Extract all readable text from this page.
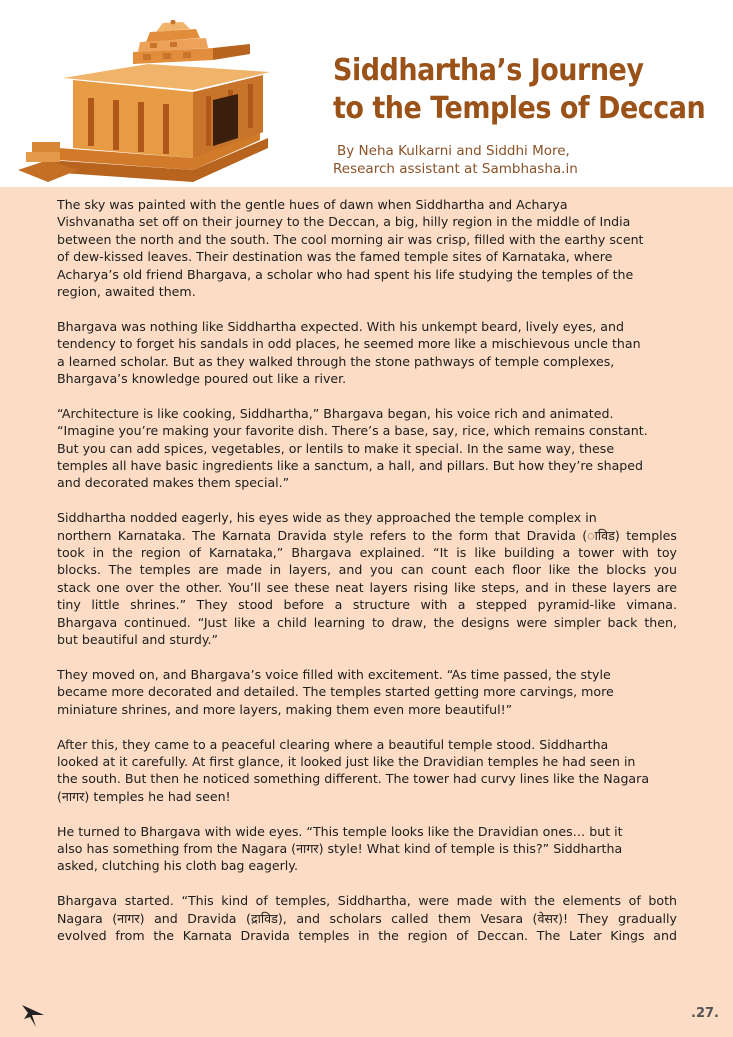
Siddhartha’s Journey
to the Temples of Deccan
By Neha Kulkarni and Siddhi More,
Research assistant at Sambhasha.in
The sky was painted with the gentle hues of dawn when Siddhartha and Acharya
Vishvanatha set off on their journey to the Deccan, a big, hilly region in the middle of India
between the north and the south. The cool morning air was crisp, filled with the earthy scent
of dew-kissed leaves. Their destination was the famed temple sites of Karnataka, where
Acharya’s old friend Bhargava, a scholar who had spent his life studying the temples of the
region, awaited them.
Bhargava was nothing like Siddhartha expected. With his unkempt beard, lively eyes, and
tendency to forget his sandals in odd places, he seemed more like a mischievous uncle than
a learned scholar. But as they walked through the stone pathways of temple complexes,
Bhargava’s knowledge poured out like a river.
“Architecture is like cooking, Siddhartha,” Bhargava began, his voice rich and animated.
“Imagine you’re making your favorite dish. There’s a base, say, rice, which remains constant.
But you can add spices, vegetables, or lentils to make it special. In the same way, these
temples all have basic ingredients like a sanctum, a hall, and pillars. But how they’re shaped
and decorated makes them special.”
Siddhartha nodded eagerly, his eyes wide as they approached the temple complex in
northern Karnataka. The Karnata Dravida style refers to the form that Dravida (ाविड) temples
took in the region of Karnataka,” Bhargava explained. “It is like building a tower with toy
blocks. The temples are made in layers, and you can count each floor like the blocks you
stack one over the other. You’ll see these neat layers rising like steps, and in these layers are
tiny little shrines.” They stood before a structure with a stepped pyramid-like vimana.
Bhargava continued. “Just like a child learning to draw, the designs were simpler back then,
but beautiful and sturdy.”
They moved on, and Bhargava’s voice filled with excitement. “As time passed, the style
became more decorated and detailed. The temples started getting more carvings, more
miniature shrines, and more layers, making them even more beautiful!”
After this, they came to a peaceful clearing where a beautiful temple stood. Siddhartha
looked at it carefully. At first glance, it looked just like the Dravidian temples he had seen in
the south. But then he noticed something different. The tower had curvy lines like the Nagara
(नागर) temples he had seen!
He turned to Bhargava with wide eyes. “This temple looks like the Dravidian ones… but it
also has something from the Nagara (नागर) style! What kind of temple is this?” Siddhartha
asked, clutching his cloth bag eagerly.
Bhargava started. “This kind of temples, Siddhartha, were made with the elements of both
Nagara (नागर) and Dravida (द्राविड), and scholars called them Vesara (वेसर)! They gradually
evolved from the Karnata Dravida temples in the region of Deccan. The Later Kings and
.27.
